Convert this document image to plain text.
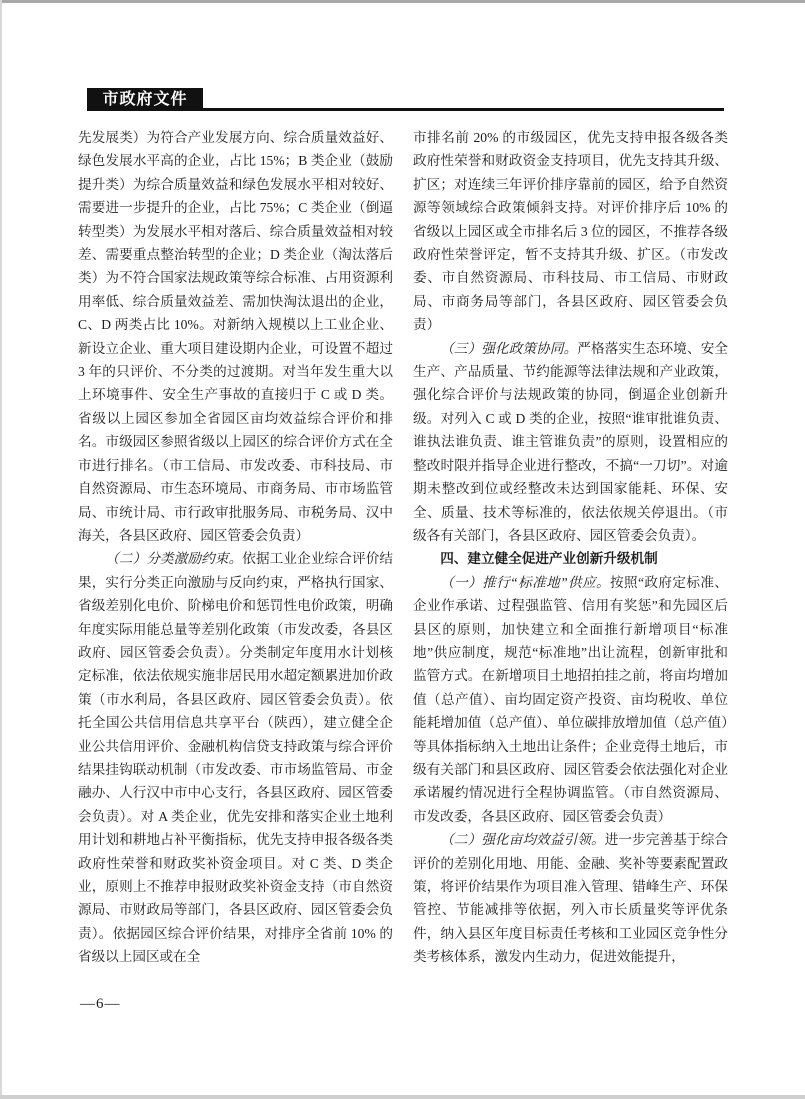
市政府文件

先发展类）为符合产业发展方向、综合质量效益好、绿色发展水平高的企业，占比 15%；B 类企业（鼓励提升类）为综合质量效益和绿色发展水平相对较好、需要进一步提升的企业，占比 75%；C 类企业（倒逼转型类）为发展水平相对落后、综合质量效益相对较差、需要重点整治转型的企业；D 类企业（淘汰落后类）为不符合国家法规政策等综合标准、占用资源利用率低、综合质量效益差、需加快淘汰退出的企业，C、D 两类占比 10%。对新纳入规模以上工业企业、新设立企业、重大项目建设期内企业，可设置不超过 3 年的只评价、不分类的过渡期。对当年发生重大以上环境事件、安全生产事故的直接归于 C 或 D 类。省级以上园区参加全省园区亩均效益综合评价和排名。市级园区参照省级以上园区的综合评价方式在全市进行排名。（市工信局、市发改委、市科技局、市自然资源局、市生态环境局、市商务局、市市场监管局、市统计局、市行政审批服务局、市税务局、汉中海关，各县区政府、园区管委会负责）

（二）分类激励约束。依据工业企业综合评价结果，实行分类正向激励与反向约束，严格执行国家、省级差别化电价、阶梯电价和惩罚性电价政策，明确年度实际用能总量等差别化政策（市发改委，各县区政府、园区管委会负责）。分类制定年度用水计划核定标准，依法依规实施非居民用水超定额累进加价政策（市水利局，各县区政府、园区管委会负责）。依托全国公共信用信息共享平台（陕西），建立健全企业公共信用评价、金融机构信贷支持政策与综合评价结果挂钩联动机制（市发改委、市市场监管局、市金融办、人行汉中市中心支行，各县区政府、园区管委会负责）。对 A 类企业，优先安排和落实企业土地利用计划和耕地占补平衡指标，优先支持申报各级各类政府性荣誉和财政奖补资金项目。对 C 类、D 类企业，原则上不推荐申报财政奖补资金支持（市自然资源局、市财政局等部门，各县区政府、园区管委会负责）。依据园区综合评价结果，对排序全省前 10% 的省级以上园区或在全

市排名前 20% 的市级园区，优先支持申报各级各类政府性荣誉和财政资金支持项目，优先支持其升级、扩区；对连续三年评价排序靠前的园区，给予自然资源等领域综合政策倾斜支持。对评价排序后 10% 的省级以上园区或全市排名后 3 位的园区，不推荐各级政府性荣誉评定，暂不支持其升级、扩区。（市发改委、市自然资源局、市科技局、市工信局、市财政局、市商务局等部门，各县区政府、园区管委会负责）

（三）强化政策协同。严格落实生态环境、安全生产、产品质量、节约能源等法律法规和产业政策，强化综合评价与法规政策的协同，倒逼企业创新升级。对列入 C 或 D 类的企业，按照“谁审批谁负责、谁执法谁负责、谁主管谁负责”的原则，设置相应的整改时限并指导企业进行整改，不搞“一刀切”。对逾期未整改到位或经整改未达到国家能耗、环保、安全、质量、技术等标准的，依法依规关停退出。（市级各有关部门，各县区政府、园区管委会负责）。

四、建立健全促进产业创新升级机制

（一）推行“标准地”供应。按照“政府定标准、企业作承诺、过程强监管、信用有奖惩”和先园区后县区的原则，加快建立和全面推行新增项目“标准地”供应制度，规范“标准地”出让流程，创新审批和监管方式。在新增项目土地招拍挂之前，将亩均增加值（总产值）、亩均固定资产投资、亩均税收、单位能耗增加值（总产值）、单位碳排放增加值（总产值）等具体指标纳入土地出让条件；企业竞得土地后，市级有关部门和县区政府、园区管委会依法强化对企业承诺履约情况进行全程协调监管。（市自然资源局、市发改委，各县区政府、园区管委会负责）

（二）强化亩均效益引领。进一步完善基于综合评价的差别化用地、用能、金融、奖补等要素配置政策，将评价结果作为项目准入管理、错峰生产、环保管控、节能减排等依据，列入市长质量奖等评优条件，纳入县区年度目标责任考核和工业园区竞争性分类考核体系，激发内生动力，促进效能提升，

—6—
